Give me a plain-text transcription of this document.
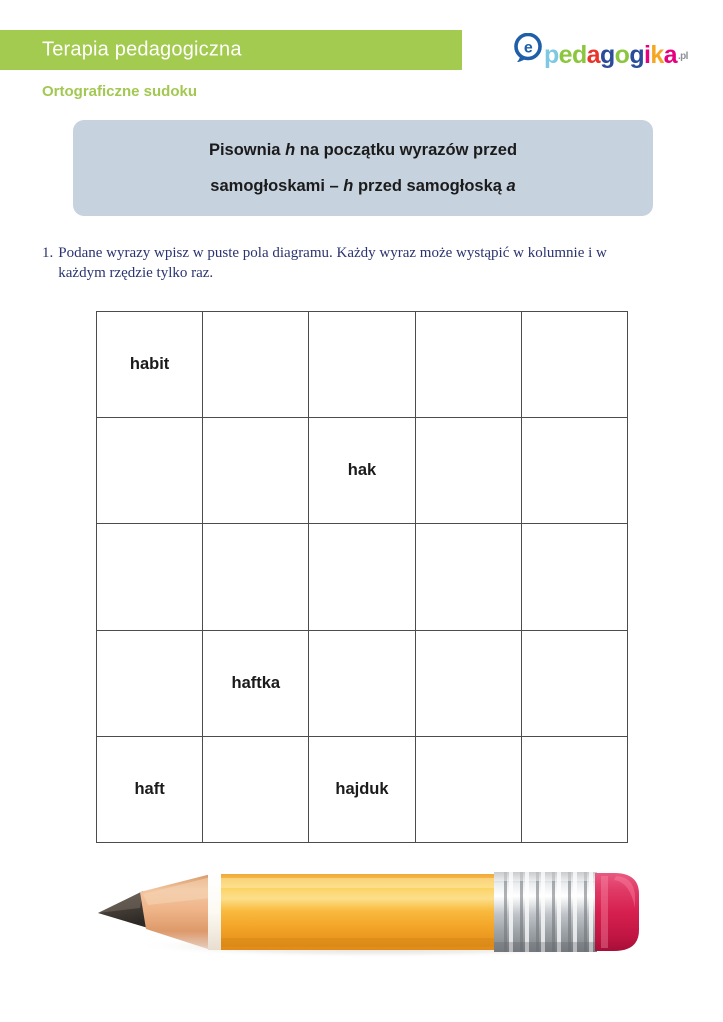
Terapia pedagogiczna	e p e d a g o g i k a .pl
Ortograficzne sudoku
Pisownia h na początku wyrazów przed
samogłoskami – h przed samogłoską a
1. Podane wyrazy wpisz w puste pola diagramu. Każdy wyraz może wystąpić w kolumnie i w każdym rzędzie tylko raz.
habit
hak
haftka
haft	hajduk
